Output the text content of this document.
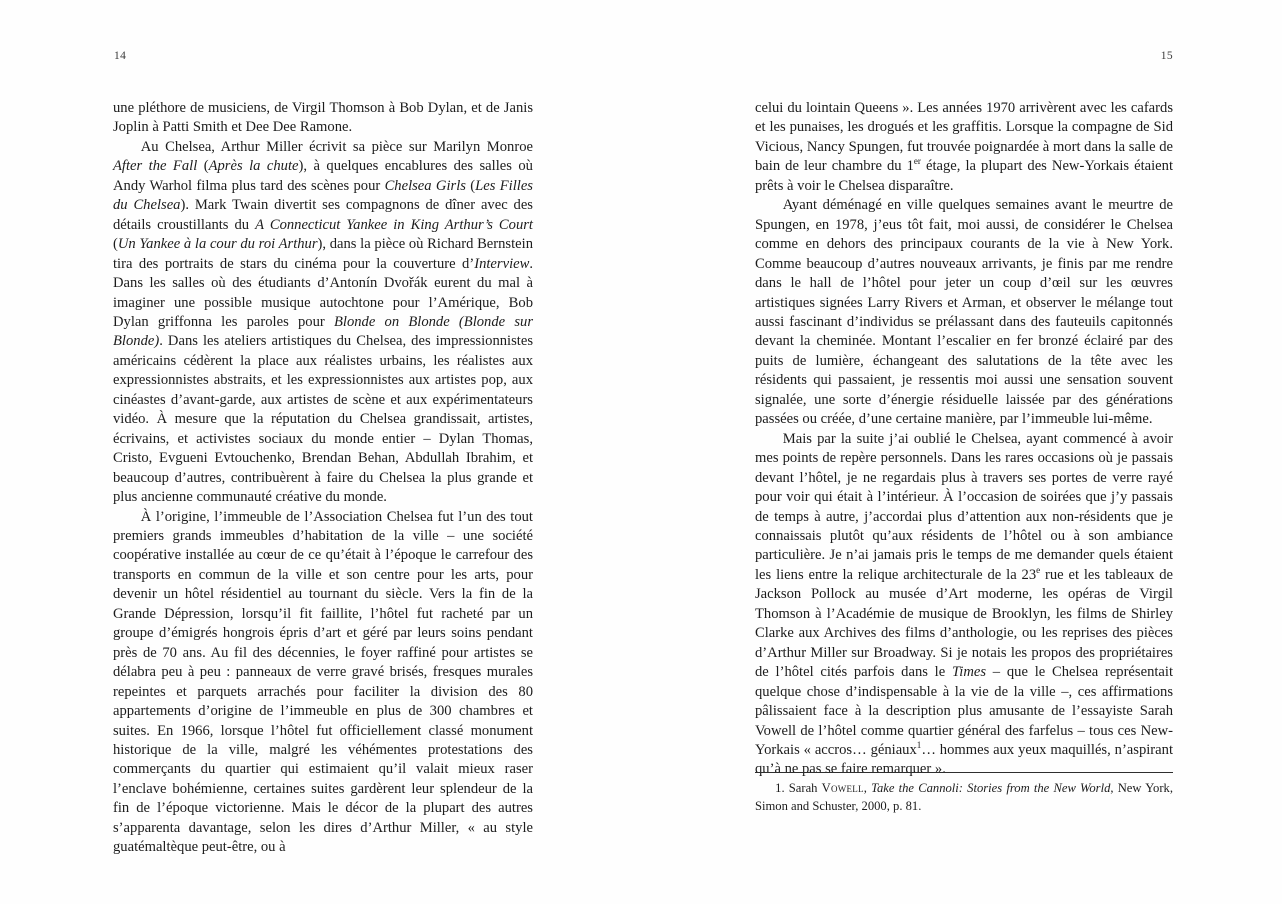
14

une pléthore de musiciens, de Virgil Thomson à Bob Dylan, et de Janis Joplin à Patti Smith et Dee Dee Ramone.

Au Chelsea, Arthur Miller écrivit sa pièce sur Marilyn Monroe After the Fall (Après la chute), à quelques encablures des salles où Andy Warhol filma plus tard des scènes pour Chelsea Girls (Les Filles du Chelsea). Mark Twain divertit ses compagnons de dîner avec des détails croustillants du A Connecticut Yankee in King Arthur’s Court (Un Yankee à la cour du roi Arthur), dans la pièce où Richard Bernstein tira des portraits de stars du cinéma pour la couverture d’Interview. Dans les salles où des étudiants d’Antonín Dvořák eurent du mal à imaginer une possible musique autochtone pour l’Amérique, Bob Dylan griffonna les paroles pour Blonde on Blonde (Blonde sur Blonde). Dans les ateliers artistiques du Chelsea, des impressionnistes américains cédèrent la place aux réalistes urbains, les réalistes aux expressionnistes abstraits, et les expressionnistes aux artistes pop, aux cinéastes d’avant-garde, aux artistes de scène et aux expérimentateurs vidéo. À mesure que la réputation du Chelsea grandissait, artistes, écrivains, et activistes sociaux du monde entier – Dylan Thomas, Cristo, Evgueni Evtouchenko, Brendan Behan, Abdullah Ibrahim, et beaucoup d’autres, contribuèrent à faire du Chelsea la plus grande et plus ancienne communauté créative du monde.

À l’origine, l’immeuble de l’Association Chelsea fut l’un des tout premiers grands immeubles d’habitation de la ville – une société coopérative installée au cœur de ce qu’était à l’époque le carrefour des transports en commun de la ville et son centre pour les arts, pour devenir un hôtel résidentiel au tournant du siècle. Vers la fin de la Grande Dépression, lorsqu’il fit faillite, l’hôtel fut racheté par un groupe d’émigrés hongrois épris d’art et géré par leurs soins pendant près de 70 ans. Au fil des décennies, le foyer raffiné pour artistes se délabra peu à peu : panneaux de verre gravé brisés, fresques murales repeintes et parquets arrachés pour faciliter la division des 80 appartements d’origine de l’immeuble en plus de 300 chambres et suites. En 1966, lorsque l’hôtel fut officiellement classé monument historique de la ville, malgré les véhémentes protestations des commerçants du quartier qui estimaient qu’il valait mieux raser l’enclave bohémienne, certaines suites gardèrent leur splendeur de la fin de l’époque victorienne. Mais le décor de la plupart des autres s’apparenta davantage, selon les dires d’Arthur Miller, « au style guatémaltèque peut-être, ou à

15

celui du lointain Queens ». Les années 1970 arrivèrent avec les cafards et les punaises, les drogués et les graffitis. Lorsque la compagne de Sid Vicious, Nancy Spungen, fut trouvée poignardée à mort dans la salle de bain de leur chambre du 1er étage, la plupart des New-Yorkais étaient prêts à voir le Chelsea disparaître.

Ayant déménagé en ville quelques semaines avant le meurtre de Spungen, en 1978, j’eus tôt fait, moi aussi, de considérer le Chelsea comme en dehors des principaux courants de la vie à New York. Comme beaucoup d’autres nouveaux arrivants, je finis par me rendre dans le hall de l’hôtel pour jeter un coup d’œil sur les œuvres artistiques signées Larry Rivers et Arman, et observer le mélange tout aussi fascinant d’individus se prélassant dans des fauteuils capitonnés devant la cheminée. Montant l’escalier en fer bronzé éclairé par des puits de lumière, échangeant des salutations de la tête avec les résidents qui passaient, je ressentis moi aussi une sensation souvent signalée, une sorte d’énergie résiduelle laissée par des générations passées ou créée, d’une certaine manière, par l’immeuble lui-même.

Mais par la suite j’ai oublié le Chelsea, ayant commencé à avoir mes points de repère personnels. Dans les rares occasions où je passais devant l’hôtel, je ne regardais plus à travers ses portes de verre rayé pour voir qui était à l’intérieur. À l’occasion de soirées que j’y passais de temps à autre, j’accordai plus d’attention aux non-résidents que je connaissais plutôt qu’aux résidents de l’hôtel ou à son ambiance particulière. Je n’ai jamais pris le temps de me demander quels étaient les liens entre la relique architecturale de la 23e rue et les tableaux de Jackson Pollock au musée d’Art moderne, les opéras de Virgil Thomson à l’Académie de musique de Brooklyn, les films de Shirley Clarke aux Archives des films d’anthologie, ou les reprises des pièces d’Arthur Miller sur Broadway. Si je notais les propos des propriétaires de l’hôtel cités parfois dans le Times – que le Chelsea représentait quelque chose d’indispensable à la vie de la ville –, ces affirmations pâlissaient face à la description plus amusante de l’essayiste Sarah Vowell de l’hôtel comme quartier général des farfelus – tous ces New-Yorkais « accros… géniaux$^1$… hommes aux yeux maquillés, n’aspirant qu’à ne pas se faire remarquer ».

1. Sarah Vowell, Take the Cannoli: Stories from the New World, New York, Simon and Schuster, 2000, p. 81.
